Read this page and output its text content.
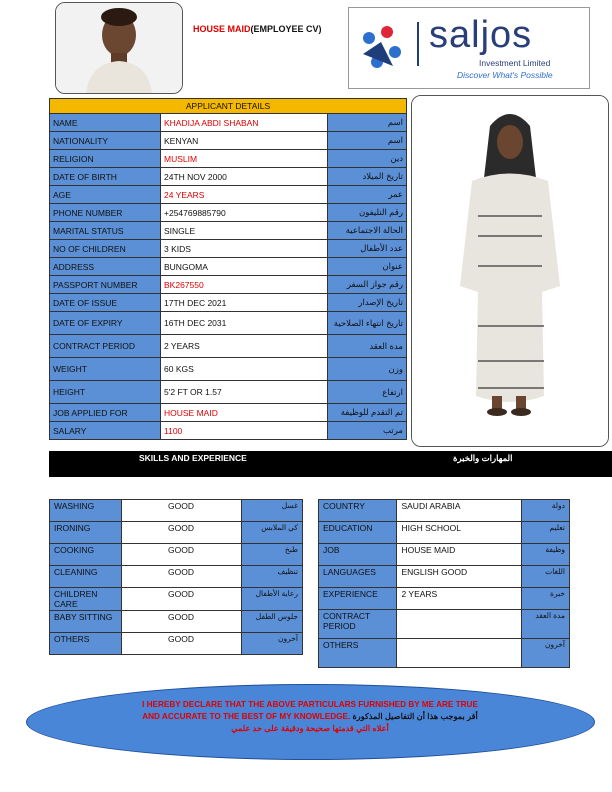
HOUSE MAID(EMPLOYEE CV)	saljos
Investment Limited
Discover What's Possible
APPLICANT DETAILS		
NAME	KHADIJA ABDI SHABAN	اسم
NATIONALITY	KENYAN	اسم
RELIGION	MUSLIM	دين
DATE OF BIRTH	24TH NOV 2000	تاريخ الميلاد
AGE	24 YEARS	عمر
PHONE NUMBER	+254769885790	رقم التليفون
MARITAL STATUS	SINGLE	الحالة الاجتماعية
NO OF CHILDREN	3 KIDS	عدد الأطفال
ADDRESS	BUNGOMA	عنوان
PASSPORT NUMBER	BK267550	رقم جواز السفر
DATE OF ISSUE	17TH DEC 2021	تاريخ الإصدار
DATE OF EXPIRY	16TH DEC 2031	تاريخ انتهاء الصلاحية
CONTRACT PERIOD	2 YEARS	مدة العقد
WEIGHT	60 KGS	وزن
HEIGHT	5'2 FT OR 1.57	ارتفاع
JOB APPLIED FOR	HOUSE MAID	تم التقدم للوظيفة
SALARY	1100	مرتب
SKILLS AND EXPERIENCE	المهارات والخبرة
WASHING	GOOD	غسل
IRONING	GOOD	كي الملابس
COOKING	GOOD	طبخ
CLEANING	GOOD	تنظيف
CHILDREN CARE	GOOD	رعاية الأطفال
BABY SITTING	GOOD	جلوس الطفل
OTHERS	GOOD	آخرون
COUNTRY	SAUDI ARABIA	دولة
EDUCATION	HIGH SCHOOL	تعليم
JOB	HOUSE MAID	وظيفة
LANGUAGES	ENGLISH GOOD	اللغات
EXPERIENCE	2 YEARS	خبرة
CONTRACT PERIOD		مدة العقد
OTHERS		آخرون
I HEREBY DECLARE THAT THE ABOVE PARTICULARS FURNISHED BY ME ARE TRUE
AND ACCURATE TO THE BEST OF MY KNOWLEDGE. أقر بموجب هذا أن التفاصيل المذكورة
أعلاه التي قدمتها صحيحة ودقيقة على حد علمي
